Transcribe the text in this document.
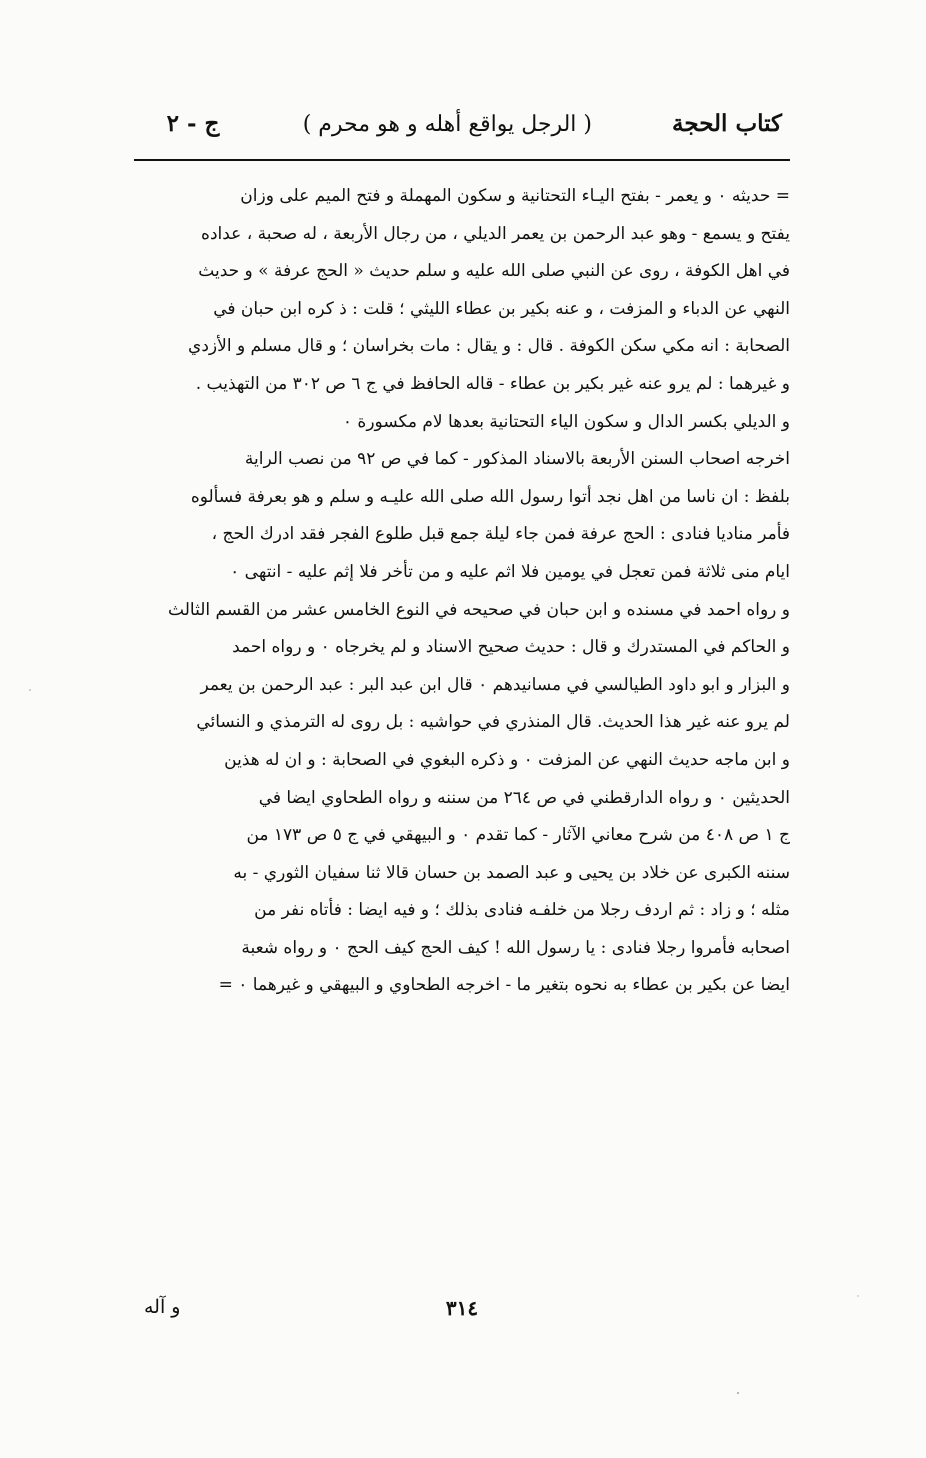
كتاب الحجة
( الرجل يواقع أهله و هو محرم )
ج - ٢
= حديثه ٠ و يعمر - بفتح اليـاء التحتانية و سكون المهملة و فتح الميم على وزان
يفتح و يسمع - وهو عبد الرحمن بن يعمر الديلي ، من رجال الأربعة ، له صحبة ، عداده
في اهل الكوفة ، روى عن النبي صلى الله عليه و سلم حديث « الحج عرفة » و حديث
النهي عن الدباء و المزفت ، و عنه بكير بن عطاء الليثي ؛ قلت : ذ كره ابن حبان في
الصحابة : انه مكي سكن الكوفة . قال : و يقال : مات بخراسان ؛ و قال مسلم و الأزدي
و غيرهما : لم يرو عنه غير بكير بن عطاء - قاله الحافظ في ج ٦ ص ٣٠٢ من التهذيب .
و الديلي بكسر الدال و سكون الياء التحتانية بعدها لام مكسورة ٠
اخرجه اصحاب السنن الأربعة بالاسناد المذكور - كما في ص ٩٢ من نصب الراية
بلفظ : ان ناسا من اهل نجد أتوا رسول الله صلى الله عليـه و سلم و هو بعرفة فسألوه
فأمر مناديا فنادى : الحج عرفة فمن جاء ليلة جمع قبل طلوع الفجر فقد ادرك الحج ،
ايام منى ثلاثة فمن تعجل في يومين فلا اثم عليه و من تأخر فلا إثم عليه - انتهى ٠
و رواه احمد في مسنده و ابن حبان في صحيحه في النوع الخامس عشر من القسم الثالث
و الحاكم في المستدرك و قال : حديث صحيح الاسناد و لم يخرجاه ٠ و رواه احمد
و البزار و ابو داود الطيالسي في مسانيدهم ٠ قال ابن عبد البر : عبد الرحمن بن يعمر
لم يرو عنه غير هذا الحديث. قال المنذري في حواشيه : بل روى له الترمذي و النسائي
و ابن ماجه حديث النهي عن المزفت ٠ و ذكره البغوي في الصحابة : و ان له هذين
الحديثين ٠ و رواه الدارقطني في ص ٢٦٤ من سننه و رواه الطحاوي ايضا في
ج ١ ص ٤٠٨ من شرح معاني الآثار - كما تقدم ٠ و البيهقي في ج ٥ ص ١٧٣ من
سننه الكبرى عن خلاد بن يحيى و عبد الصمد بن حسان قالا ثنا سفيان الثوري - به
مثله ؛ و زاد : ثم اردف رجلا من خلفـه فنادى بذلك ؛ و فيه ايضا : فأتاه نفر من
اصحابه فأمروا رجلا فنادى : يا رسول الله ! كيف الحج كيف الحج ٠ و رواه شعبة
ايضا عن بكير بن عطاء به نحوه بتغير ما - اخرجه الطحاوي و البيهقي و غيرهما ٠ =
٣١٤
و آله
